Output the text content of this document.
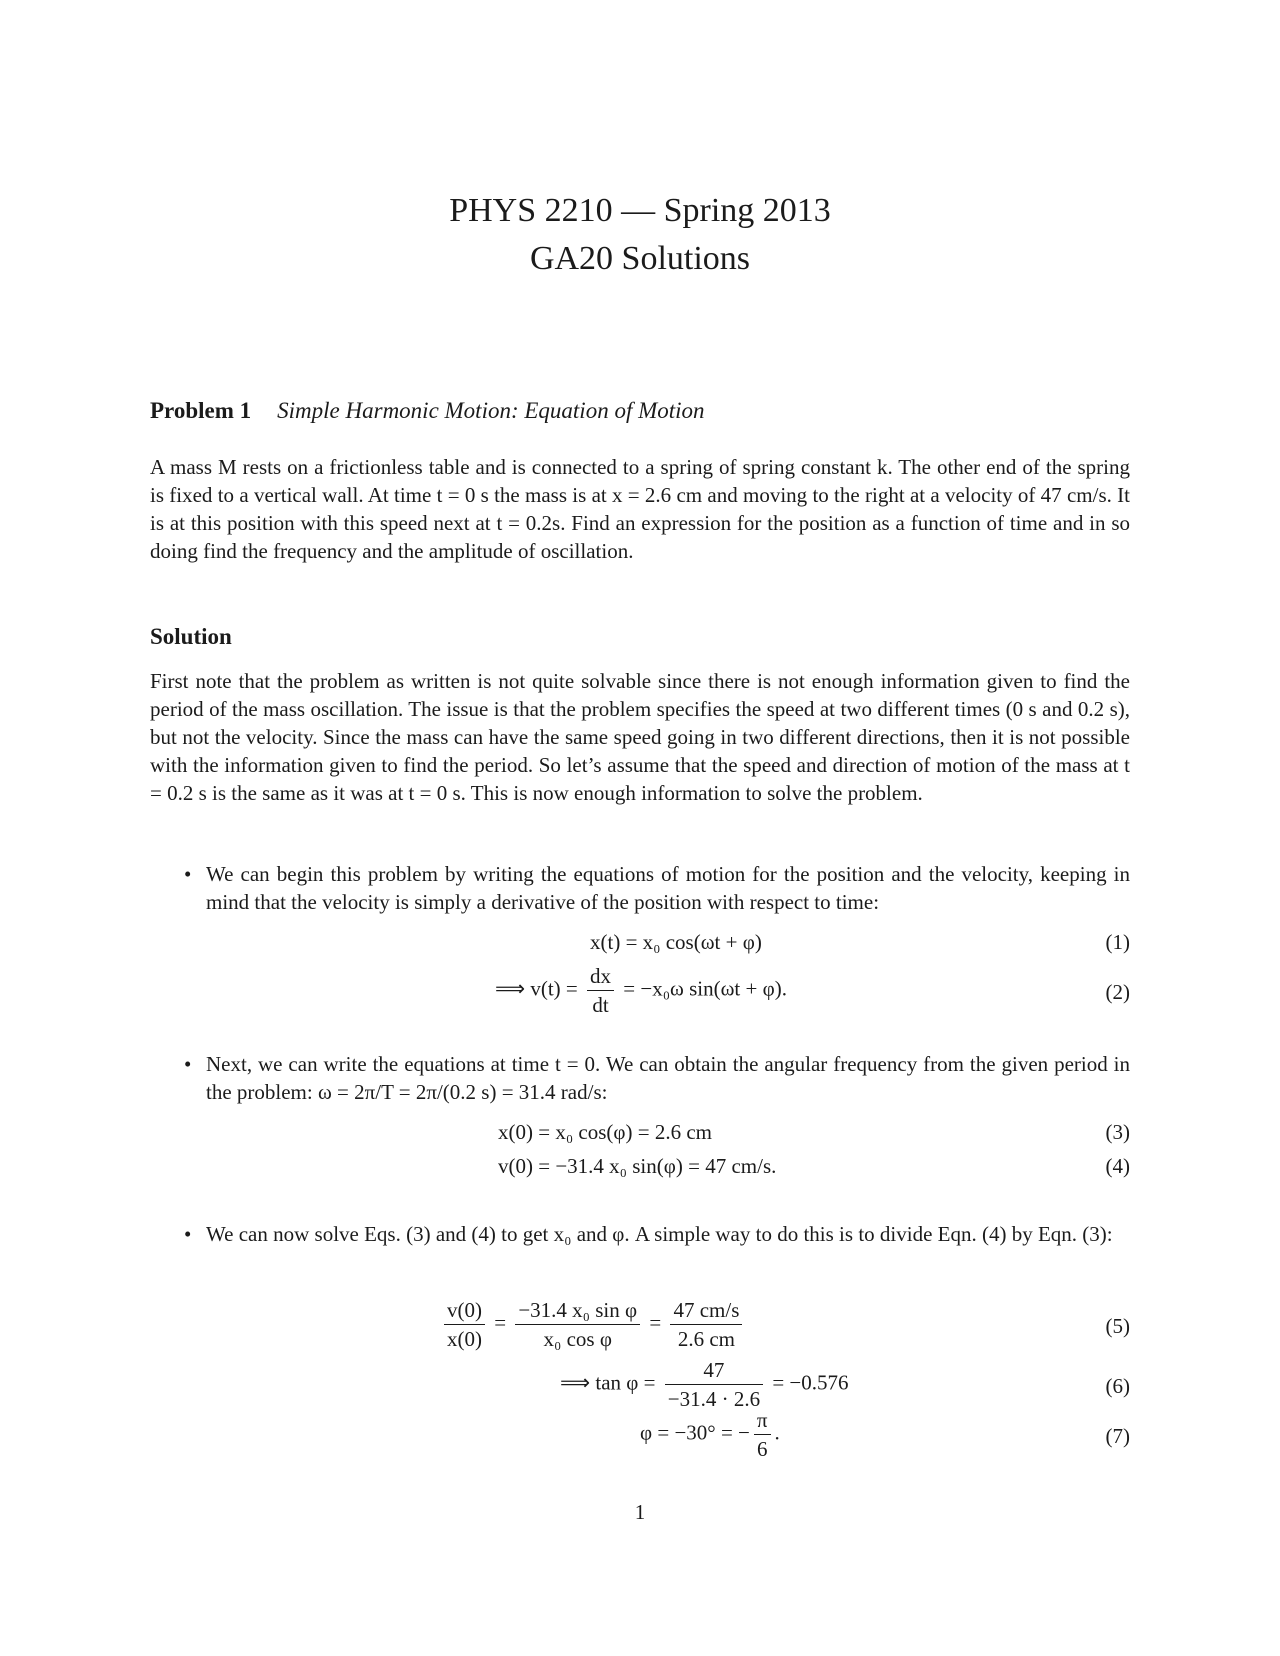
PHYS 2210 — Spring 2013
GA20 Solutions
Problem 1 Simple Harmonic Motion: Equation of Motion
A mass M rests on a frictionless table and is connected to a spring of spring constant k. The other end of the spring is fixed to a vertical wall. At time t = 0 s the mass is at x = 2.6 cm and moving to the right at a velocity of 47 cm/s. It is at this position with this speed next at t = 0.2s. Find an expression for the position as a function of time and in so doing find the frequency and the amplitude of oscillation.
Solution
First note that the problem as written is not quite solvable since there is not enough information given to find the period of the mass oscillation. The issue is that the problem specifies the speed at two different times (0 s and 0.2 s), but not the velocity. Since the mass can have the same speed going in two different directions, then it is not possible with the information given to find the period. So let’s assume that the speed and direction of motion of the mass at t = 0.2 s is the same as it was at t = 0 s. This is now enough information to solve the problem.
• We can begin this problem by writing the equations of motion for the position and the velocity, keeping in mind that the velocity is simply a derivative of the position with respect to time:
x(t) = x₀ cos(ωt + φ)	(1)
⟹ $v(t) = \frac{dx}{dt} = -x_0\omega$ sin(ωt + φ).	(2)
• Next, we can write the equations at time t = 0. We can obtain the angular frequency from the given period in the problem: ω = 2π/T = 2π/(0.2 s) = 31.4 rad/s:
x(0) = x₀ cos(φ) = 2.6 cm	(3)
v(0) = −31.4 x₀ sin(φ) = 47 cm/s.	(4)
• We can now solve Eqs. (3) and (4) to get x₀ and φ. A simple way to do this is to divide Eqn. (4) by Eqn. (3):
$\frac{v(0)}{x(0)} = \frac{\text{−31.4 x₀ sin φ}}{\text{x₀ cos φ}} = \frac{47 cm/s}{2.6 cm}$	(5)
⟹ $\tan \varphi = \frac{47}{-31.4 \cdot 2.6} = -0.576$	(6)
φ = −30° = − $\frac{\pi}{6}$ .	(7)
1
